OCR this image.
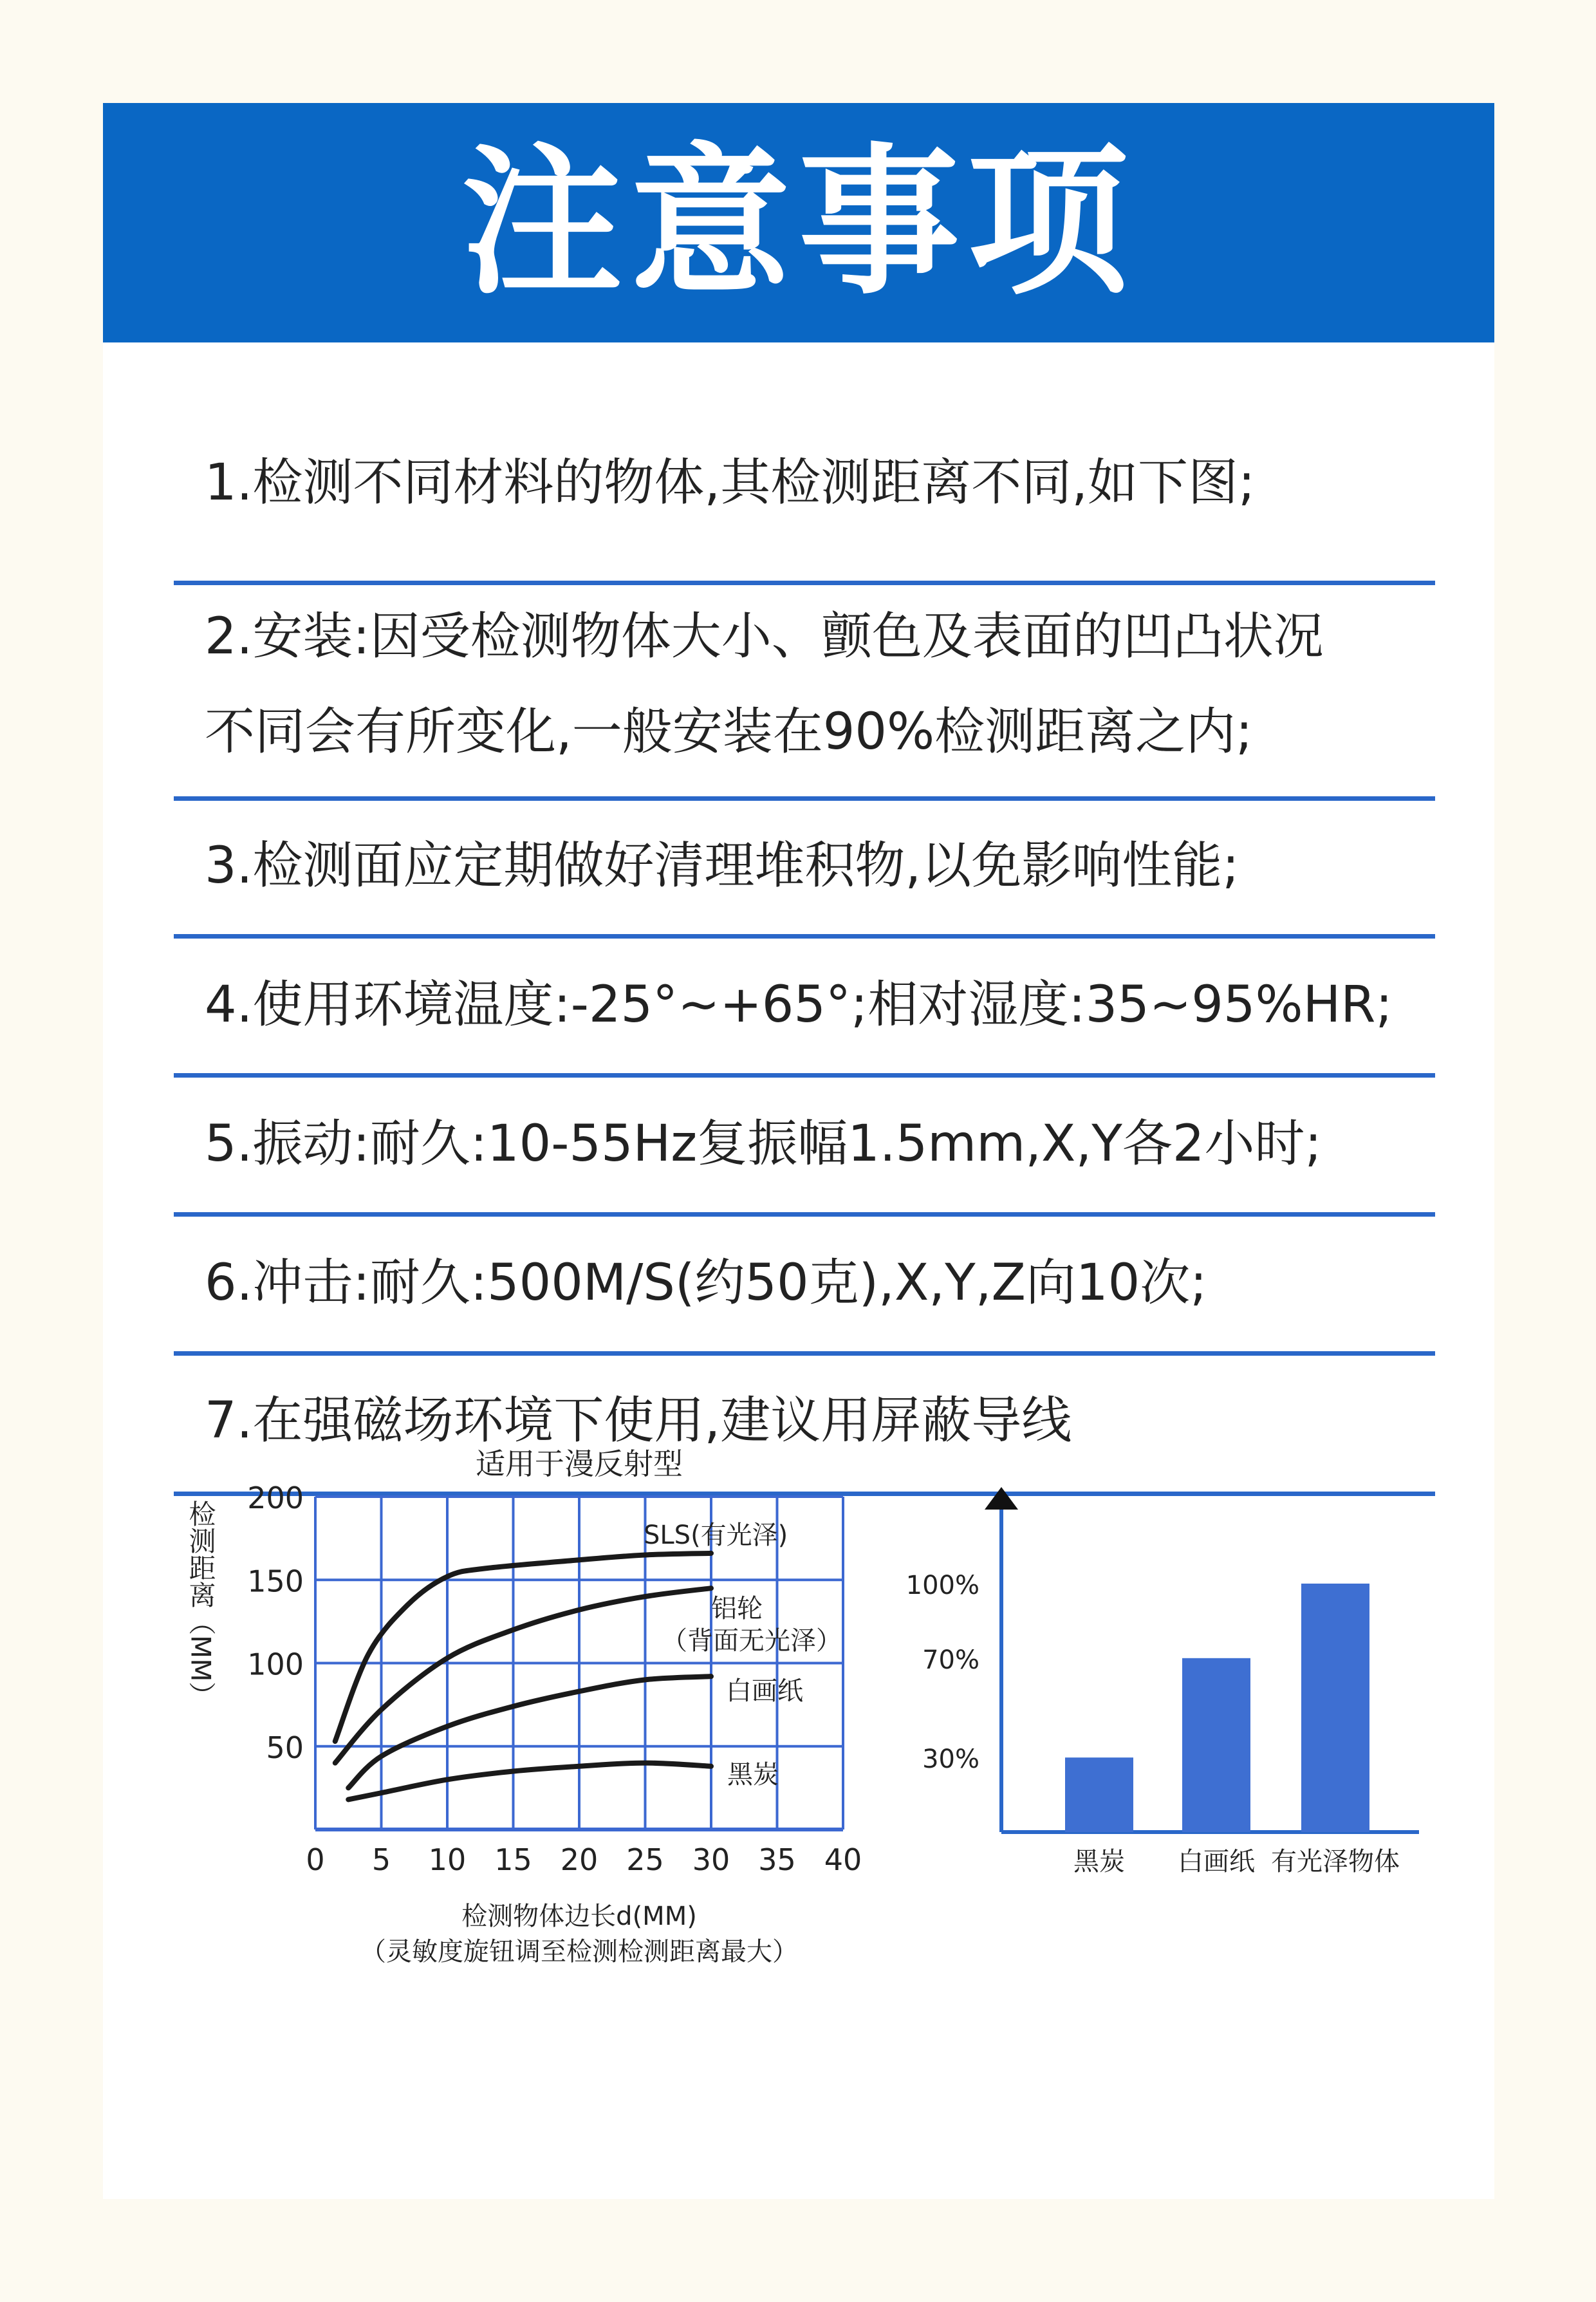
注意事项
1.检测不同材料的物体,其检测距离不同,如下图;
2.安装:因受检测物体大小、颤色及表面的凹凸状况
不同会有所变化,一般安装在90%检测距离之内;
3.检测面应定期做好清理堆积物,以免影响性能;
4.使用环境温度:-25°~+65°;相对湿度:35~95%HR;
5.振动:耐久:10-55Hz复振幅1.5mm,X,Y各2小时;
6.冲击:耐久:500M/S(约50克),X,Y,Z向10次;
7.在强磁场环境下使用,建议用屏蔽导线
适用于漫反射型
0 5 10 15 20 25 30 35 40
50
100
150
200
检测距离（MM）
检测物体边长d(MM)
（灵敏度旋钮调至检测检测距离最大）
SLS(有光泽)
铝轮
（背面无光泽）
白画纸
黑炭
30%
70%
100%
黑炭 白画纸 有光泽物体
